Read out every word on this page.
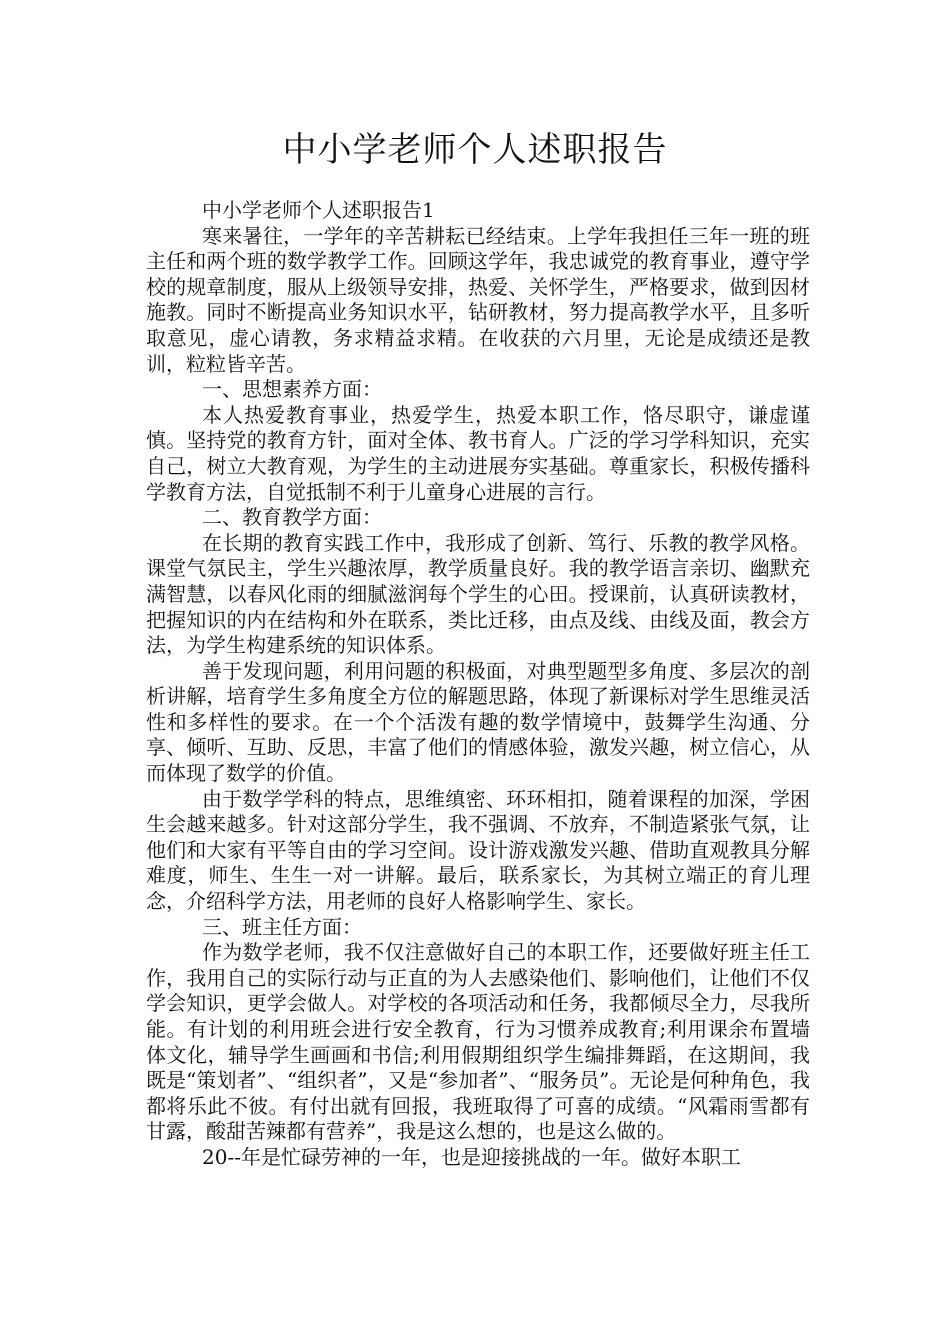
中小学老师个人述职报告

中小学老师个人述职报告1

寒来暑往，一学年的辛苦耕耘已经结束。上学年我担任三年一班的班主任和两个班的数学教学工作。回顾这学年，我忠诚党的教育事业，遵守学校的规章制度，服从上级领导安排，热爱、关怀学生，严格要求，做到因材施教。同时不断提高业务知识水平，钻研教材，努力提高教学水平，且多听取意见，虚心请教，务求精益求精。在收获的六月里，无论是成绩还是教训，粒粒皆辛苦。

一、思想素养方面：

本人热爱教育事业，热爱学生，热爱本职工作，恪尽职守，谦虚谨慎。坚持党的教育方针，面对全体、教书育人。广泛的学习学科知识，充实自己，树立大教育观，为学生的主动进展夯实基础。尊重家长，积极传播科学教育方法，自觉抵制不利于儿童身心进展的言行。

二、教育教学方面：

在长期的教育实践工作中，我形成了创新、笃行、乐教的教学风格。课堂气氛民主，学生兴趣浓厚，教学质量良好。我的教学语言亲切、幽默充满智慧，以春风化雨的细腻滋润每个学生的心田。授课前，认真研读教材，把握知识的内在结构和外在联系，类比迁移，由点及线、由线及面，教会方法，为学生构建系统的知识体系。

善于发现问题，利用问题的积极面，对典型题型多角度、多层次的剖析讲解，培育学生多角度全方位的解题思路，体现了新课标对学生思维灵活性和多样性的要求。在一个个活泼有趣的数学情境中，鼓舞学生沟通、分享、倾听、互助、反思，丰富了他们的情感体验，激发兴趣，树立信心，从而体现了数学的价值。

由于数学学科的特点，思维缜密、环环相扣，随着课程的加深，学困生会越来越多。针对这部分学生，我不强调、不放弃，不制造紧张气氛，让他们和大家有平等自由的学习空间。设计游戏激发兴趣、借助直观教具分解难度，师生、生生一对一讲解。最后，联系家长，为其树立端正的育儿理念，介绍科学方法，用老师的良好人格影响学生、家长。

三、班主任方面：

作为数学老师，我不仅注意做好自己的本职工作，还要做好班主任工作，我用自己的实际行动与正直的为人去感染他们、影响他们，让他们不仅学会知识，更学会做人。对学校的各项活动和任务，我都倾尽全力，尽我所能。有计划的利用班会进行安全教育，行为习惯养成教育;利用课余布置墙体文化，辅导学生画画和书信;利用假期组织学生编排舞蹈，在这期间，我既是“策划者”、“组织者”，又是“参加者”、“服务员”。无论是何种角色，我都将乐此不彼。有付出就有回报，我班取得了可喜的成绩。“风霜雨雪都有甘露，酸甜苦辣都有营养”，我是这么想的，也是这么做的。

20--年是忙碌劳神的一年，也是迎接挑战的一年。做好本职工
